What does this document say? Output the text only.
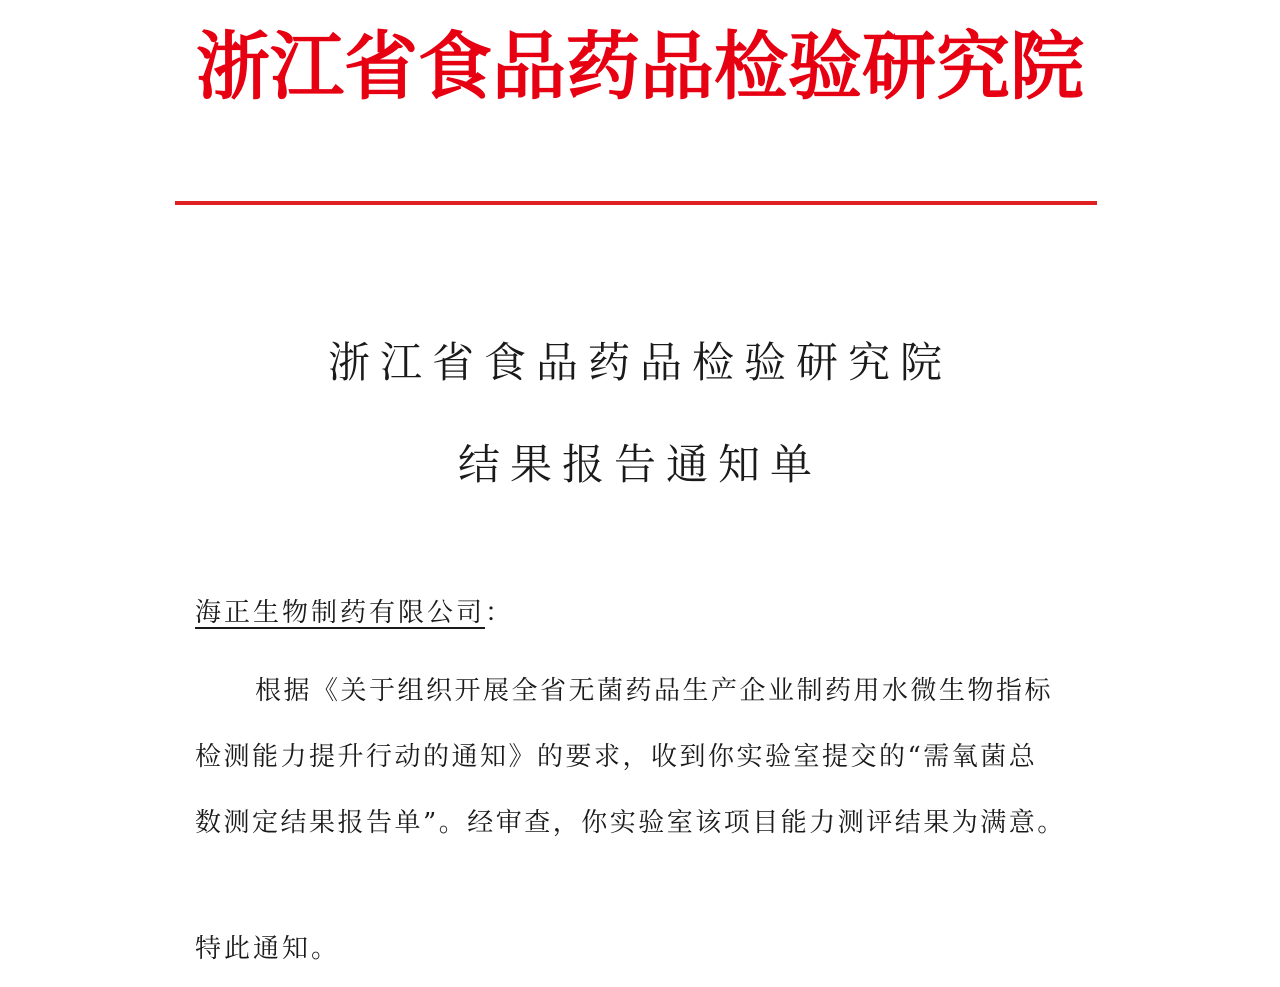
浙江省食品药品检验研究院
浙江省食品药品检验研究院
结果报告通知单
海正生物制药有限公司：
根据《关于组织开展全省无菌药品生产企业制药用水微生物指标
检测能力提升行动的通知》的要求，收到你实验室提交的“需氧菌总
数测定结果报告单”。经审查，你实验室该项目能力测评结果为满意。
特此通知。
